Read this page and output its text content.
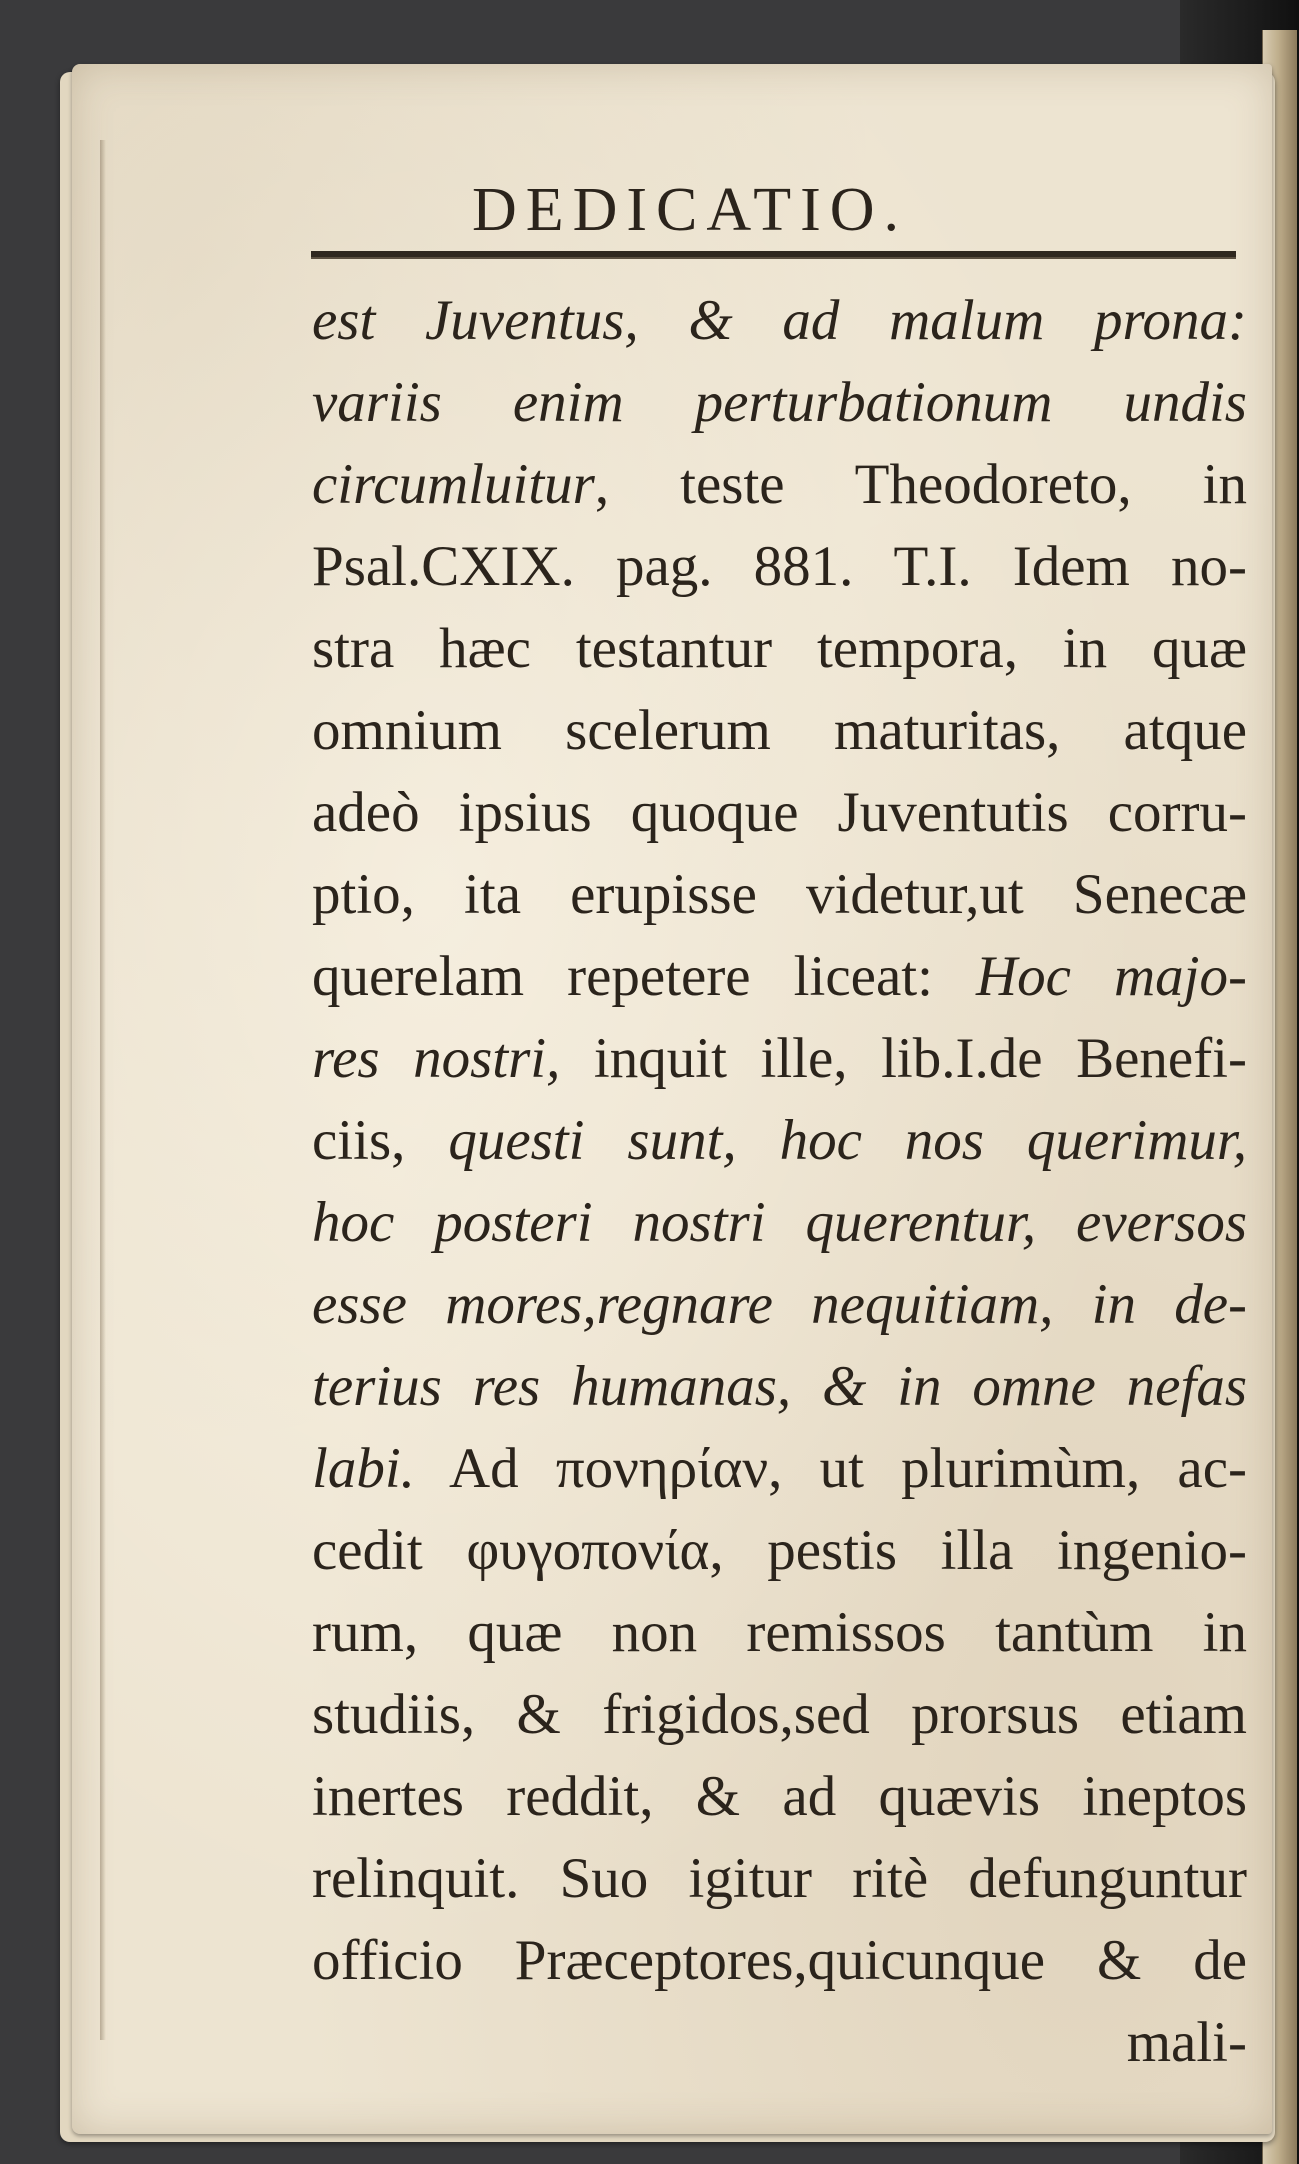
DEDICATIO.
est Juventus, & ad malum prona:
variis enim perturbationum undis
circumluitur, teste Theodoreto, in
Psal.CXIX. pag. 881. T.I. Idem no-
stra hæc testantur tempora, in quæ
omnium scelerum maturitas, atque
adeò ipsius quoque Juventutis corru-
ptio, ita erupisse videtur,ut Senecæ
querelam repetere liceat: Hoc majo-
res nostri, inquit ille, lib.I.de Benefi-
ciis, questi sunt, hoc nos querimur,
hoc posteri nostri querentur, eversos
esse mores,regnare nequitiam, in de-
terius res humanas, & in omne nefas
labi. Ad πονηρίαν, ut plurimùm, ac-
cedit φυγοπονία, pestis illa ingenio-
rum, quæ non remissos tantùm in
studiis, & frigidos,sed prorsus etiam
inertes reddit, & ad quævis ineptos
relinquit. Suo igitur ritè defunguntur
officio Præceptores,quicunque & de
mali-
